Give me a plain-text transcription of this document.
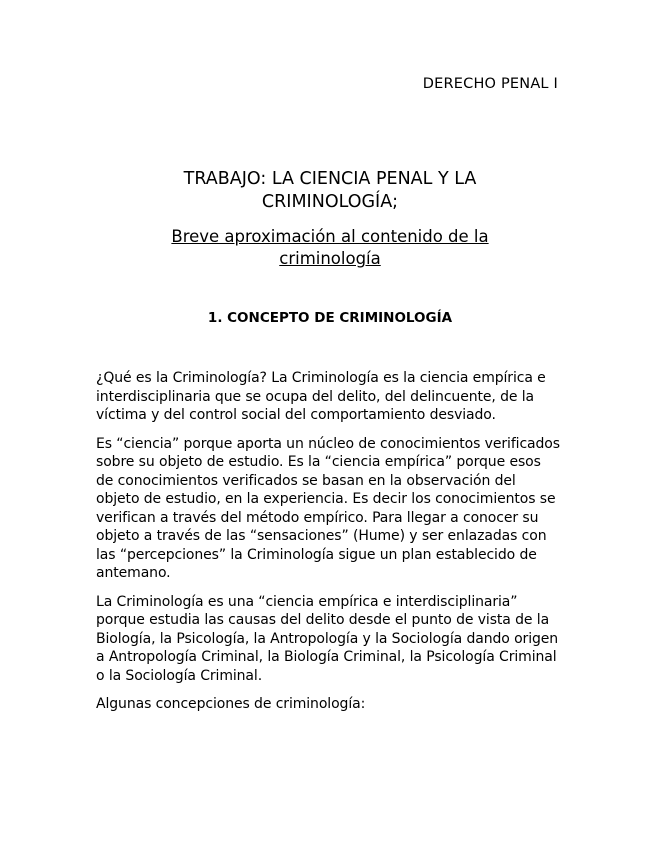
DERECHO PENAL I
TRABAJO: LA CIENCIA PENAL Y LA
CRIMINOLOGÍA;
Breve aproximación al contenido de la
criminología
1. CONCEPTO DE CRIMINOLOGÍA

¿Qué es la Criminología? La Criminología es la ciencia empírica e interdisciplinaria que se ocupa del delito, del delincuente, de la víctima y del control social del comportamiento desviado.

Es “ciencia” porque aporta un núcleo de conocimientos verificados sobre su objeto de estudio. Es la “ciencia empírica” porque esos de conocimientos verificados se basan en la observación del objeto de estudio, en la experiencia. Es decir los conocimientos se verifican a través del método empírico. Para llegar a conocer su objeto a través de las “sensaciones” (Hume) y ser enlazadas con las “percepciones” la Criminología sigue un plan establecido de antemano.

La Criminología es una “ciencia empírica e interdisciplinaria” porque estudia las causas del delito desde el punto de vista de la Biología, la Psicología, la Antropología y la Sociología dando origen a Antropología Criminal, la Biología Criminal, la Psicología Criminal o la Sociología Criminal.

Algunas concepciones de criminología:
